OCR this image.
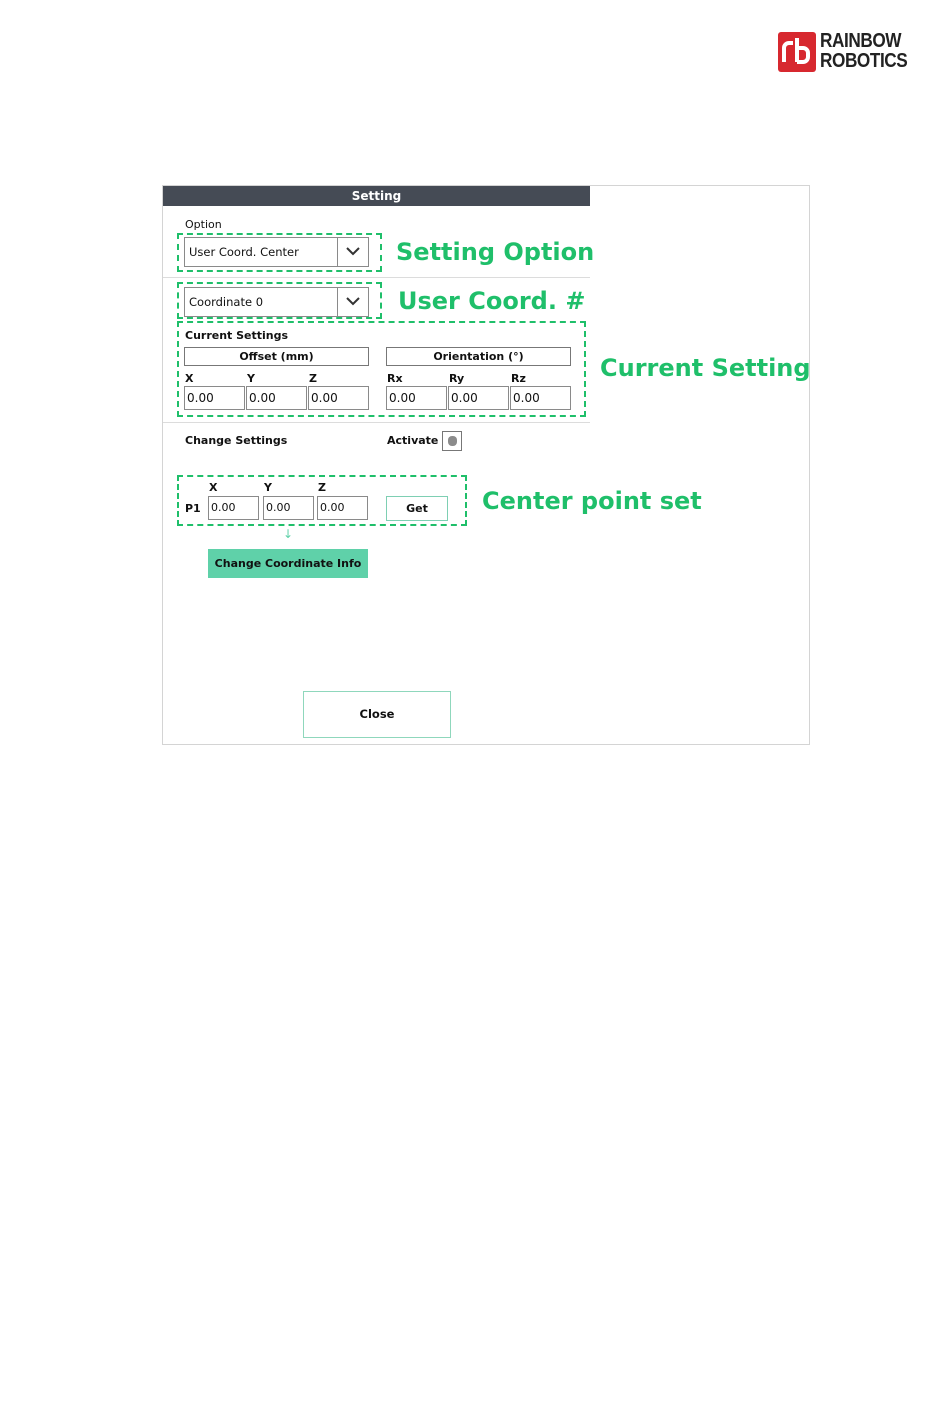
RAINBOW
ROBOTICS
Setting
Option
User Coord. Center
Coordinate 0
Current Settings
Offset (mm)	Orientation (°)
X	Y	Z	Rx	Ry	Rz
0.00	0.00	0.00	0.00	0.00	0.00
Change Settings	Activate
X	Y	Z
P1 0.00	0.00	0.00	Get
↓
Change Coordinate Info
Close
Setting Option
User Coord. #
Current Setting
Center point set
